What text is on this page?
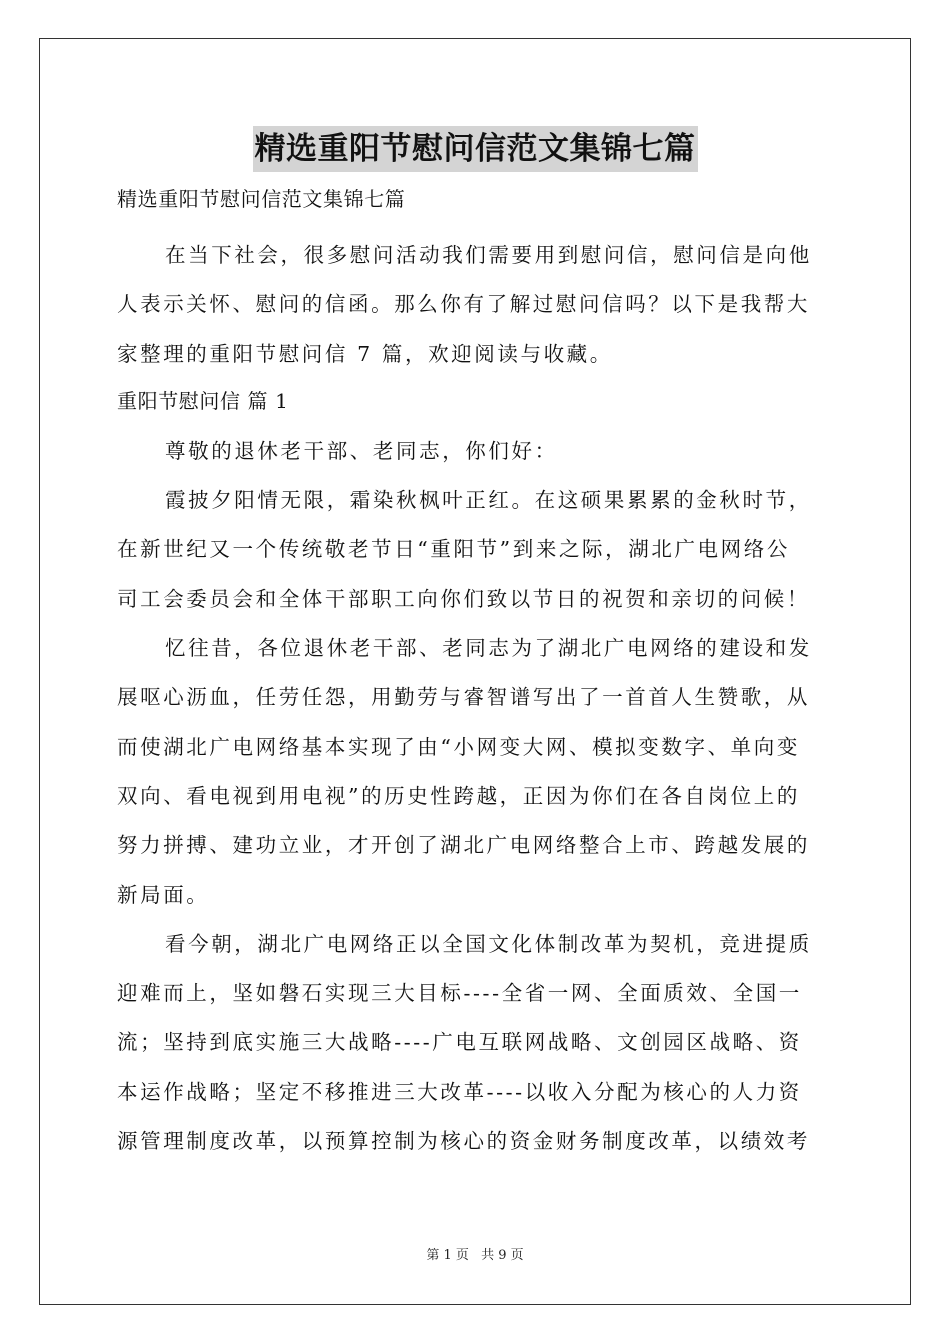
精选重阳节慰问信范文集锦七篇

精选重阳节慰问信范文集锦七篇

在当下社会，很多慰问活动我们需要用到慰问信，慰问信是向他

人表示关怀、慰问的信函。那么你有了解过慰问信吗？以下是我帮大

家整理的重阳节慰问信 7 篇，欢迎阅读与收藏。

重阳节慰问信 篇 1

尊敬的退休老干部、老同志，你们好：

霞披夕阳情无限，霜染秋枫叶正红。在这硕果累累的金秋时节，

在新世纪又一个传统敬老节日“重阳节”到来之际，湖北广电网络公

司工会委员会和全体干部职工向你们致以节日的祝贺和亲切的问候！

忆往昔，各位退休老干部、老同志为了湖北广电网络的建设和发

展呕心沥血，任劳任怨，用勤劳与睿智谱写出了一首首人生赞歌，从

而使湖北广电网络基本实现了由“小网变大网、模拟变数字、单向变

双向、看电视到用电视”的历史性跨越，正因为你们在各自岗位上的

努力拼搏、建功立业，才开创了湖北广电网络整合上市、跨越发展的

新局面。

看今朝，湖北广电网络正以全国文化体制改革为契机，竞进提质

迎难而上，坚如磐石实现三大目标----全省一网、全面质效、全国一

流；坚持到底实施三大战略----广电互联网战略、文创园区战略、资

本运作战略；坚定不移推进三大改革----以收入分配为核心的人力资

源管理制度改革，以预算控制为核心的资金财务制度改革，以绩效考

第 1 页 共 9 页
